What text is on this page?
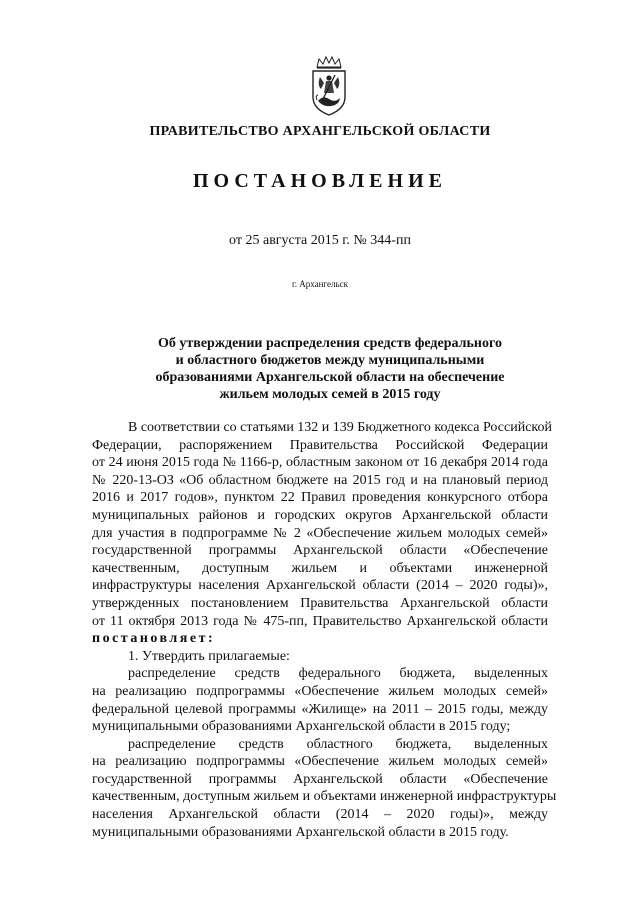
ПРАВИТЕЛЬСТВО АРХАНГЕЛЬСКОЙ ОБЛАСТИ
ПОСТАНОВЛЕНИЕ
от 25 августа 2015 г. № 344-пп
г. Архангельск
Об утверждении распределения средств федерального
и областного бюджетов между муниципальными
образованиями Архангельской области на обеспечение
жильем молодых семей в 2015 году
В соответствии со статьями 132 и 139 Бюджетного кодекса Российской
Федерации, распоряжением Правительства Российской Федерации
от 24 июня 2015 года № 1166-р, областным законом от 16 декабря 2014 года
№ 220-13-ОЗ «Об областном бюджете на 2015 год и на плановый период
2016 и 2017 годов», пунктом 22 Правил проведения конкурсного отбора
муниципальных районов и городских округов Архангельской области
для участия в подпрограмме № 2 «Обеспечение жильем молодых семей»
государственной программы Архангельской области «Обеспечение
качественным, доступным жильем и объектами инженерной
инфраструктуры населения Архангельской области (2014 – 2020 годы)»,
утвержденных постановлением Правительства Архангельской области
от 11 октября 2013 года № 475-пп, Правительство Архангельской области
постановляет:
1. Утвердить прилагаемые:
распределение средств федерального бюджета, выделенных
на реализацию подпрограммы «Обеспечение жильем молодых семей»
федеральной целевой программы «Жилище» на 2011 – 2015 годы, между
муниципальными образованиями Архангельской области в 2015 году;
распределение средств областного бюджета, выделенных
на реализацию подпрограммы «Обеспечение жильем молодых семей»
государственной программы Архангельской области «Обеспечение
качественным, доступным жильем и объектами инженерной инфраструктуры
населения Архангельской области (2014 – 2020 годы)», между
муниципальными образованиями Архангельской области в 2015 году.
